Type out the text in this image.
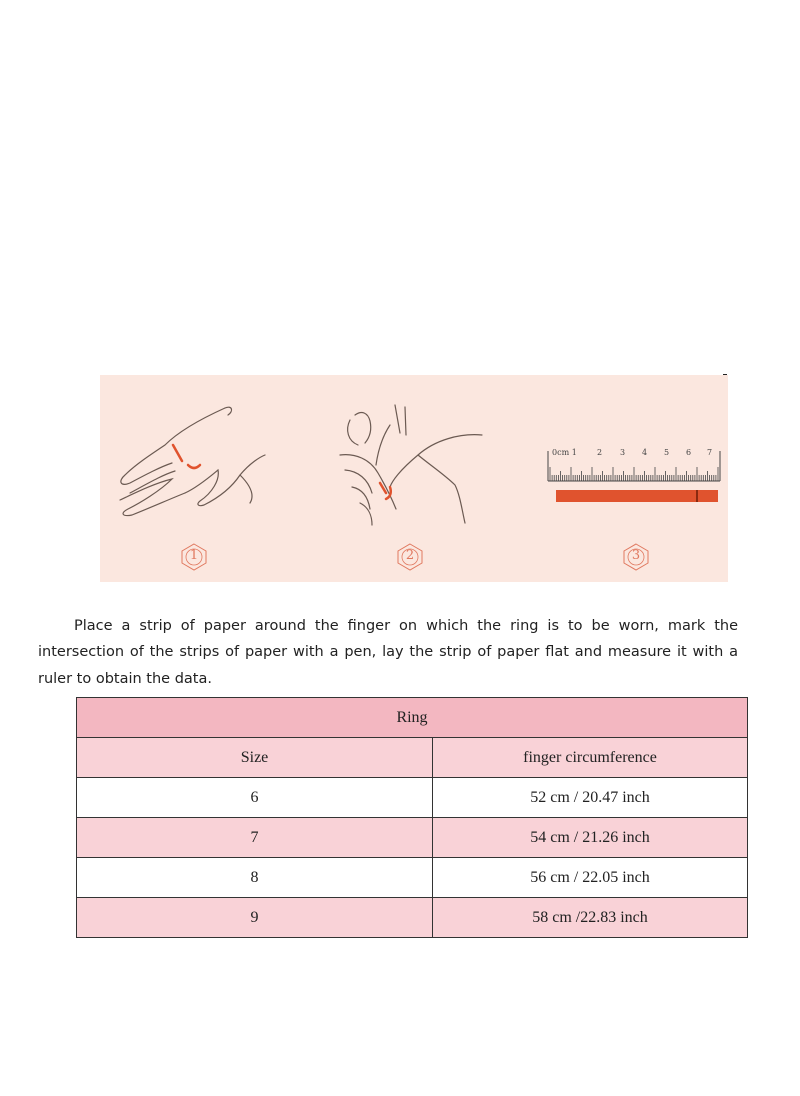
0cm 1	2 3 4 5 6 7
1	2	3

Place a strip of paper around the finger on which the ring is to be worn, mark the intersection of the strips of paper with a pen, lay the strip of paper flat and measure it with a ruler to obtain the data.

Ring	
Size	finger circumference
6	52 cm / 20.47 inch
7	54 cm / 21.26 inch
8	56 cm / 22.05 inch
9	58 cm /22.83 inch
